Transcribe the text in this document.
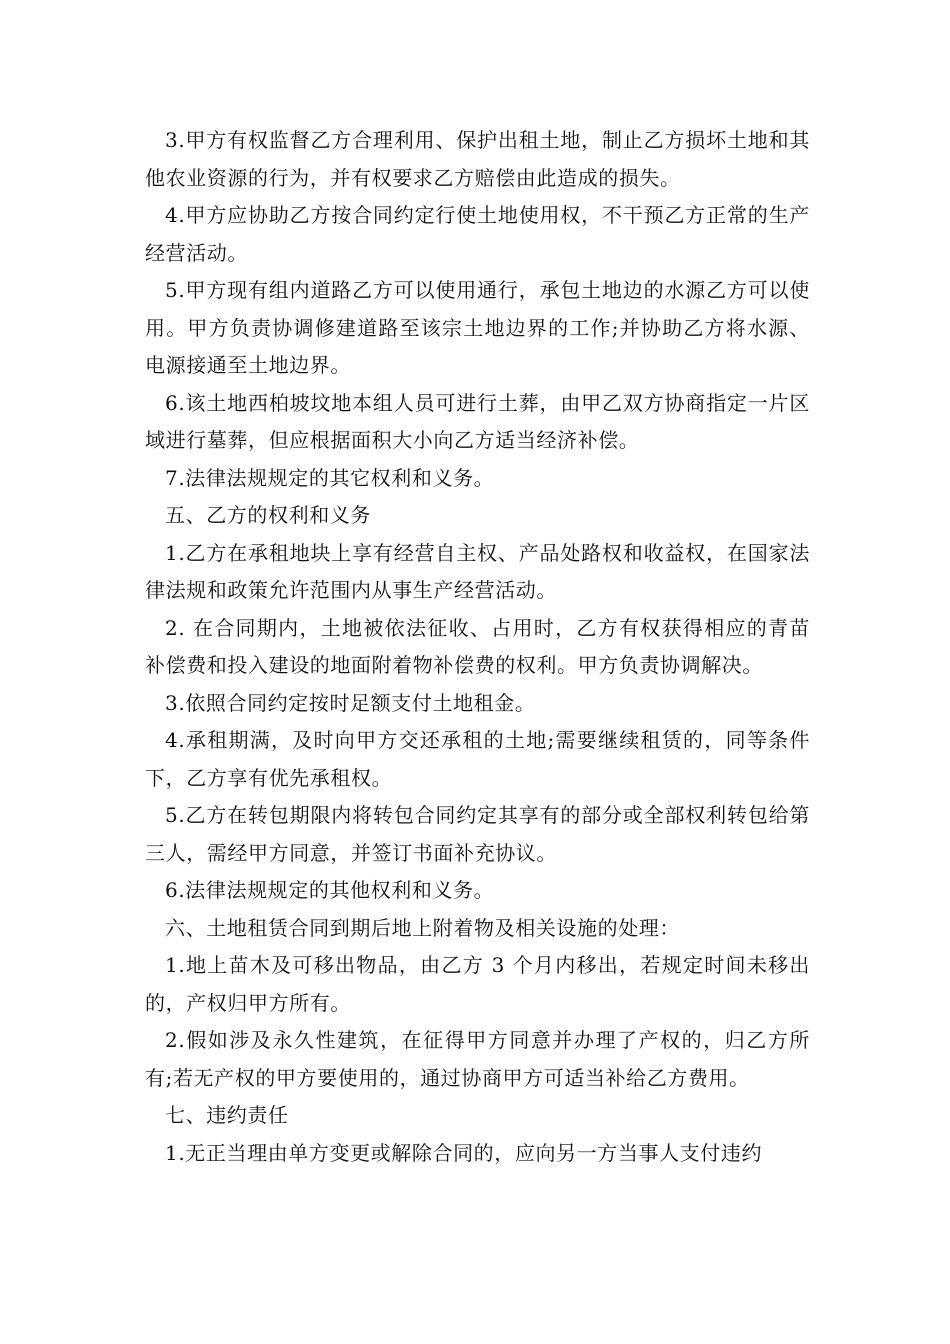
3.甲方有权监督乙方合理利用、保护出租土地，制止乙方损坏土地和其他农业资源的行为，并有权要求乙方赔偿由此造成的损失。

4.甲方应协助乙方按合同约定行使土地使用权，不干预乙方正常的生产经营活动。

5.甲方现有组内道路乙方可以使用通行，承包土地边的水源乙方可以使用。甲方负责协调修建道路至该宗土地边界的工作;并协助乙方将水源、电源接通至土地边界。

6.该土地西柏坡坟地本组人员可进行土葬，由甲乙双方协商指定一片区域进行墓葬，但应根据面积大小向乙方适当经济补偿。

7.法律法规规定的其它权利和义务。

五、乙方的权利和义务

1.乙方在承租地块上享有经营自主权、产品处路权和收益权，在国家法律法规和政策允许范围内从事生产经营活动。

2. 在合同期内，土地被依法征收、占用时，乙方有权获得相应的青苗补偿费和投入建设的地面附着物补偿费的权利。甲方负责协调解决。

3.依照合同约定按时足额支付土地租金。

4.承租期满，及时向甲方交还承租的土地;需要继续租赁的，同等条件下，乙方享有优先承租权。

5.乙方在转包期限内将转包合同约定其享有的部分或全部权利转包给第三人，需经甲方同意，并签订书面补充协议。

6.法律法规规定的其他权利和义务。

六、土地租赁合同到期后地上附着物及相关设施的处理：

1.地上苗木及可移出物品，由乙方 3 个月内移出，若规定时间未移出的，产权归甲方所有。

2.假如涉及永久性建筑，在征得甲方同意并办理了产权的，归乙方所有;若无产权的甲方要使用的，通过协商甲方可适当补给乙方费用。

七、违约责任

1.无正当理由单方变更或解除合同的，应向另一方当事人支付违约
